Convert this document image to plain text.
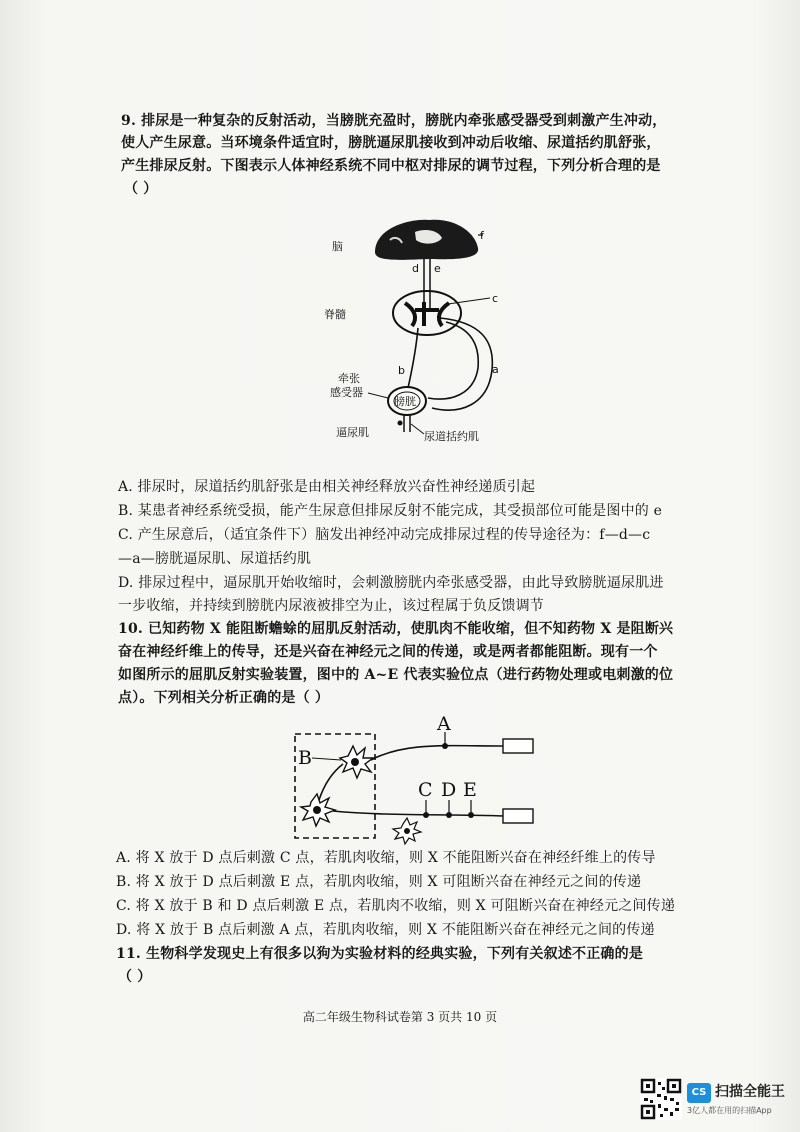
9. 排尿是一种复杂的反射活动，当膀胱充盈时，膀胱内牵张感受器受到刺激产生冲动，
使人产生尿意。当环境条件适宜时，膀胱逼尿肌接收到冲动后收缩、尿道括约肌舒张，
产生排尿反射。下图表示人体神经系统不同中枢对排尿的调节过程，下列分析合理的是
（ ）
脑
f
d e
脊髓
c
b	a
膀胱
牵张
感受器
逼尿肌	尿道括约肌
A. 排尿时，尿道括约肌舒张是由相关神经释放兴奋性神经递质引起
B. 某患者神经系统受损，能产生尿意但排尿反射不能完成，其受损部位可能是图中的 e
C. 产生尿意后，（适宜条件下）脑发出神经冲动完成排尿过程的传导途径为：f—d—c
—a—膀胱逼尿肌、尿道括约肌
D. 排尿过程中，逼尿肌开始收缩时，会刺激膀胱内牵张感受器，由此导致膀胱逼尿肌进
一步收缩，并持续到膀胱内尿液被排空为止，该过程属于负反馈调节
10. 已知药物 X 能阻断蟾蜍的屈肌反射活动，使肌肉不能收缩，但不知药物 X 是阻断兴
奋在神经纤维上的传导，还是兴奋在神经元之间的传递，或是两者都能阻断。现有一个
如图所示的屈肌反射实验装置，图中的 A~E 代表实验位点（进行药物处理或电刺激的位
点）。下列相关分析正确的是（ ）
A
B
C D E
A. 将 X 放于 D 点后刺激 C 点，若肌肉收缩，则 X 不能阻断兴奋在神经纤维上的传导
B. 将 X 放于 D 点后刺激 E 点，若肌肉收缩，则 X 可阻断兴奋在神经元之间的传递
C. 将 X 放于 B 和 D 点后刺激 E 点，若肌肉不收缩，则 X 可阻断兴奋在神经元之间传递
D. 将 X 放于 B 点后刺激 A 点，若肌肉收缩，则 X 不能阻断兴奋在神经元之间的传递
11. 生物科学发现史上有很多以狗为实验材料的经典实验，下列有关叙述不正确的是
（ ）
高二年级生物科试卷第 3 页共 10 页
CS 扫描全能王
3亿人都在用的扫描App
